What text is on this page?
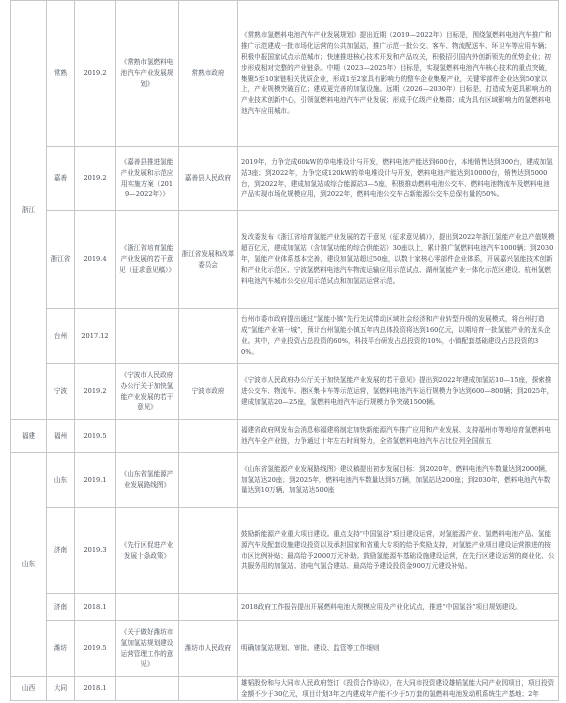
浙江	常熟	2019.2	《常熟市氢燃料电池汽车产业发展规划》	常熟市政府	《常熟市氢燃料电池汽车产业发展规划》提出近期（2019—2022年）目标是，围绕氢燃料电池汽车推广和推广示范建成一批市场化运营的公共加氢站，推广示范一批公交、客车、物流配送车、环卫车等应用车辆；积极申报国家试点示范城市；快速推进核心技术开发和产品攻关，积极招引国内外创新领先的优势企业；初步形成相对完整的产业链条。中期（2023—2025年）目标是，实现氢燃料电池汽车核心技术的重点突破，集聚5至10家链相关优质企业，形成1至2家具有影响力的整车企业集聚产业，关键零部件企业达到50家以上，产业规模突破百亿；建成更完善的加氢设施。远期（2026—2030年）目标是，打造成为更具影响力的产业技术创新中心，引领氢燃料电池汽车产业发展；形成千亿级产业集群；成为具有区域影响力的氢燃料电池汽车应用城市。
	嘉善	2019.2	《嘉善县推进氢能产业发展和示范应用实施方案（2019—2022年）》	嘉善县人民政府	2019年，力争完成60kW的单电堆设计与开发，燃料电池产能达到600台，本地销售达到300台，建成加氢站3座；到2022年，力争完成120kW的单电堆设计与开发，燃料电池产能达到10000台，销售达到5000台，到2022年，建成加氢站或综合能源站3—5座，积极推动燃料电池公交车、燃料电池物流车及燃料电池产品实现市场化规模应用，到2022年，燃料电池公交车占新能源公交车总保有量的50%。
	浙江省	2019.4	《浙江省培育氢能产业发展的若干意见（征求意见稿）》	浙江省发展和改革委员会	发改委发布《浙江省培育氢能产业发展的若干意见（征求意见稿）》，提出到2022年浙江氢能产业总产值规模超百亿元，建成加氢站（含加氢功能的综合供能站）30座以上，累计推广氢燃料电池汽车1000辆；到2030年，氢能产业体系基本完善，建设加氢站超过50座，以数十家核心零部件企业体系，开展嘉兴氢能技术创新和产业化示范区、宁波氢燃料电池汽车物流运输应用示范试点、湖州氢能产业一体化示范区建设、杭州氢燃料电池汽车城市公交应用示范试点和加氢站运营示范。
	台州	2017.12			台州市委市政府提出通过“氢能小镇”先行先试带动区域社会经济和产业转型升级的发展模式，将台州打造成“氢能产业第一城”，预计台州氢能小镇五年内总体投资将达到160亿元，以期培育一批氢能产业的龙头企业。其中，产业投资占总投资的60%，科技平台研发占总投资的10%，小镇配套基础建设占总投资的30%。
	宁波	2019.2	《宁波市人民政府办公厅关于加快氢能产业发展的若干意见》	宁波市政府	《宁波市人民政府办公厅关于加快氢能产业发展的若干意见》提出到2022年建成加氢站10—15座，探索推进公交车、物流车、港区集卡车等示范运营，氢燃料电池汽车运行规模力争达到600—800辆；到2025年，建成加氢站20—25座，氢燃料电池汽车运行规模力争突破1500辆。
福建	福州	2019.5			福建省政府网发布会消息称福建将制定加快新能源汽车推广应用和产业发展、支持福州市等地培育氢燃料电池汽车全产业链，力争通过十年左右时间努力，全省氢燃料电池汽车占比位列全国前五
山东	山东	2019.1	《山东省氢能源产业发展路线图》		《山东省氢能源产业发展路线图》建议稿提出初步发展目标：到2020年，燃料电池汽车数量达到2000辆，加氢站达20座；到2025年，燃料电池汽车数量达到5万辆，加氢站达200座；到2030年，燃料电池汽车数量达到10万辆，加氢站达500座
	济南	2019.3	《先行区促进产业发展十条政策》		鼓励新能源产业重大项目建设。重点支持“中国氢谷”项目建设运营，对氢能源产业、氢燃料电池产品、氢能源汽车及配套设施建设投资以及承担国家和省重大专项的给予奖励支持，对氢能产业项目建设运营推进的按市区比例补贴；最高给予2000万元补助。鼓励氢能源车基础设施建设运营，在先行区建设运营的商业化、公共服务用的加氢站、油电气氢合建站、最高给予建设投资金900万元建设补贴。
	济南	2018.1			2018政府工作报告提出开展燃料电池大规模应用及产业化试点，推进“中国氢谷”项目规划建设。
	潍坊	2019.5	《关于做好潍坊市氢加氢站规划建设运营管理工作的意见》	潍坊市人民政府	明确加氢站规划、审批、建设、监管等工作细则
山西	大同	2018.1			雄韬股份和与大同市人民政府签订《投资合作协议》，在大同市投资建设雄韬氢能大同产业园项目，项目投资金额不少于30亿元，项目计划3年之内建成年产能不少于5万套的氢燃料电池发动机系统生产基地；2年
